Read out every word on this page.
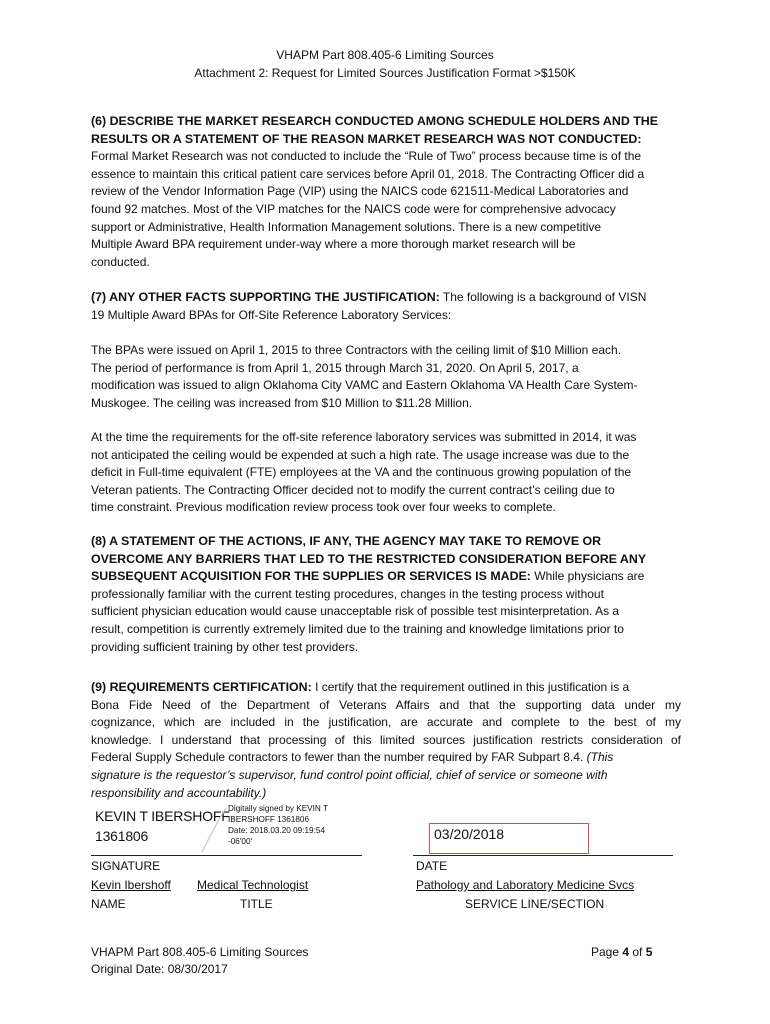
VHAPM Part 808.405-6 Limiting Sources
Attachment 2: Request for Limited Sources Justification Format >$150K
(6) DESCRIBE THE MARKET RESEARCH CONDUCTED AMONG SCHEDULE HOLDERS AND THE
RESULTS OR A STATEMENT OF THE REASON MARKET RESEARCH WAS NOT CONDUCTED:
Formal Market Research was not conducted to include the “Rule of Two” process because time is of the
essence to maintain this critical patient care services before April 01, 2018. The Contracting Officer did a
review of the Vendor Information Page (VIP) using the NAICS code 621511-Medical Laboratories and
found 92 matches. Most of the VIP matches for the NAICS code were for comprehensive advocacy
support or Administrative, Health Information Management solutions. There is a new competitive
Multiple Award BPA requirement under-way where a more thorough market research will be
conducted.
(7) ANY OTHER FACTS SUPPORTING THE JUSTIFICATION: The following is a background of VISN
19 Multiple Award BPAs for Off-Site Reference Laboratory Services:
The BPAs were issued on April 1, 2015 to three Contractors with the ceiling limit of $10 Million each.
The period of performance is from April 1, 2015 through March 31, 2020. On April 5, 2017, a
modification was issued to align Oklahoma City VAMC and Eastern Oklahoma VA Health Care System-
Muskogee. The ceiling was increased from $10 Million to $11.28 Million.
At the time the requirements for the off-site reference laboratory services was submitted in 2014, it was
not anticipated the ceiling would be expended at such a high rate. The usage increase was due to the
deficit in Full-time equivalent (FTE) employees at the VA and the continuous growing population of the
Veteran patients. The Contracting Officer decided not to modify the current contract’s ceiling due to
time constraint. Previous modification review process took over four weeks to complete.
(8) A STATEMENT OF THE ACTIONS, IF ANY, THE AGENCY MAY TAKE TO REMOVE OR
OVERCOME ANY BARRIERS THAT LED TO THE RESTRICTED CONSIDERATION BEFORE ANY
SUBSEQUENT ACQUISITION FOR THE SUPPLIES OR SERVICES IS MADE: While physicians are
professionally familiar with the current testing procedures, changes in the testing process without
sufficient physician education would cause unacceptable risk of possible test misinterpretation. As a
result, competition is currently extremely limited due to the training and knowledge limitations prior to
providing sufficient training by other test providers.
(9) REQUIREMENTS CERTIFICATION: I certify that the requirement outlined in this justification is a
Bona Fide Need of the Department of Veterans Affairs and that the supporting data under my
cognizance, which are included in the justification, are accurate and complete to the best of my
knowledge. I understand that processing of this limited sources justification restricts consideration of
Federal Supply Schedule contractors to fewer than the number required by FAR Subpart 8.4. (This
signature is the requestor’s supervisor, fund control point official, chief of service or someone with
responsibility and accountability.)
KEVIN T IBERSHOFF
1361806
Digitally signed by KEVIN T
IBERSHOFF 1361806
Date: 2018.03.20 09:19:54
-06'00'	03/20/2018
SIGNATURE	DATE
Kevin Ibershoff Medical Technologist	Pathology and Laboratory Medicine Svcs
NAME	TITLE	SERVICE LINE/SECTION
VHAPM Part 808.405-6 Limiting Sources
Original Date: 08/30/2017
Page 4 of 5
